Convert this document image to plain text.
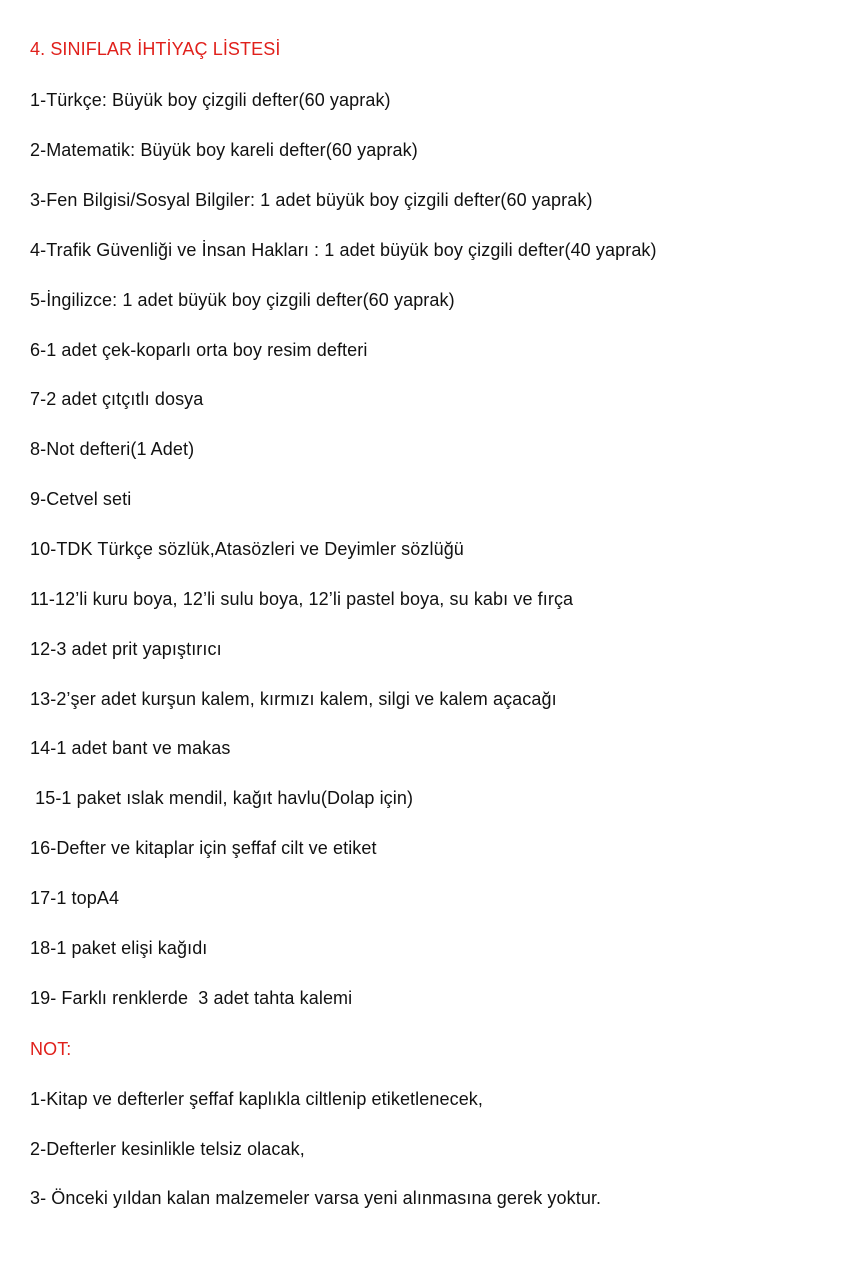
4. SINIFLAR İHTİYAÇ LİSTESİ
1-Türkçe: Büyük boy çizgili defter(60 yaprak)
2-Matematik: Büyük boy kareli defter(60 yaprak)
3-Fen Bilgisi/Sosyal Bilgiler: 1 adet büyük boy çizgili defter(60 yaprak)
4-Trafik Güvenliği ve İnsan Hakları : 1 adet büyük boy çizgili defter(40 yaprak)
5-İngilizce: 1 adet büyük boy çizgili defter(60 yaprak)
6-1 adet çek-koparlı orta boy resim defteri
7-2 adet çıtçıtlı dosya
8-Not defteri(1 Adet)
9-Cetvel seti
10-TDK Türkçe sözlük,Atasözleri ve Deyimler sözlüğü
11-12’li kuru boya, 12’li sulu boya, 12’li pastel boya, su kabı ve fırça
12-3 adet prit yapıştırıcı
13-2’şer adet kurşun kalem, kırmızı kalem, silgi ve kalem açacağı
14-1 adet bant ve makas
15-1 paket ıslak mendil, kağıt havlu(Dolap için)
16-Defter ve kitaplar için şeffaf cilt ve etiket
17-1 topA4
18-1 paket elişi kağıdı
19- Farklı renklerde  3 adet tahta kalemi
NOT:
1-Kitap ve defterler şeffaf kaplıkla ciltlenip etiketlenecek,
2-Defterler kesinlikle telsiz olacak,
3- Önceki yıldan kalan malzemeler varsa yeni alınmasına gerek yoktur.
